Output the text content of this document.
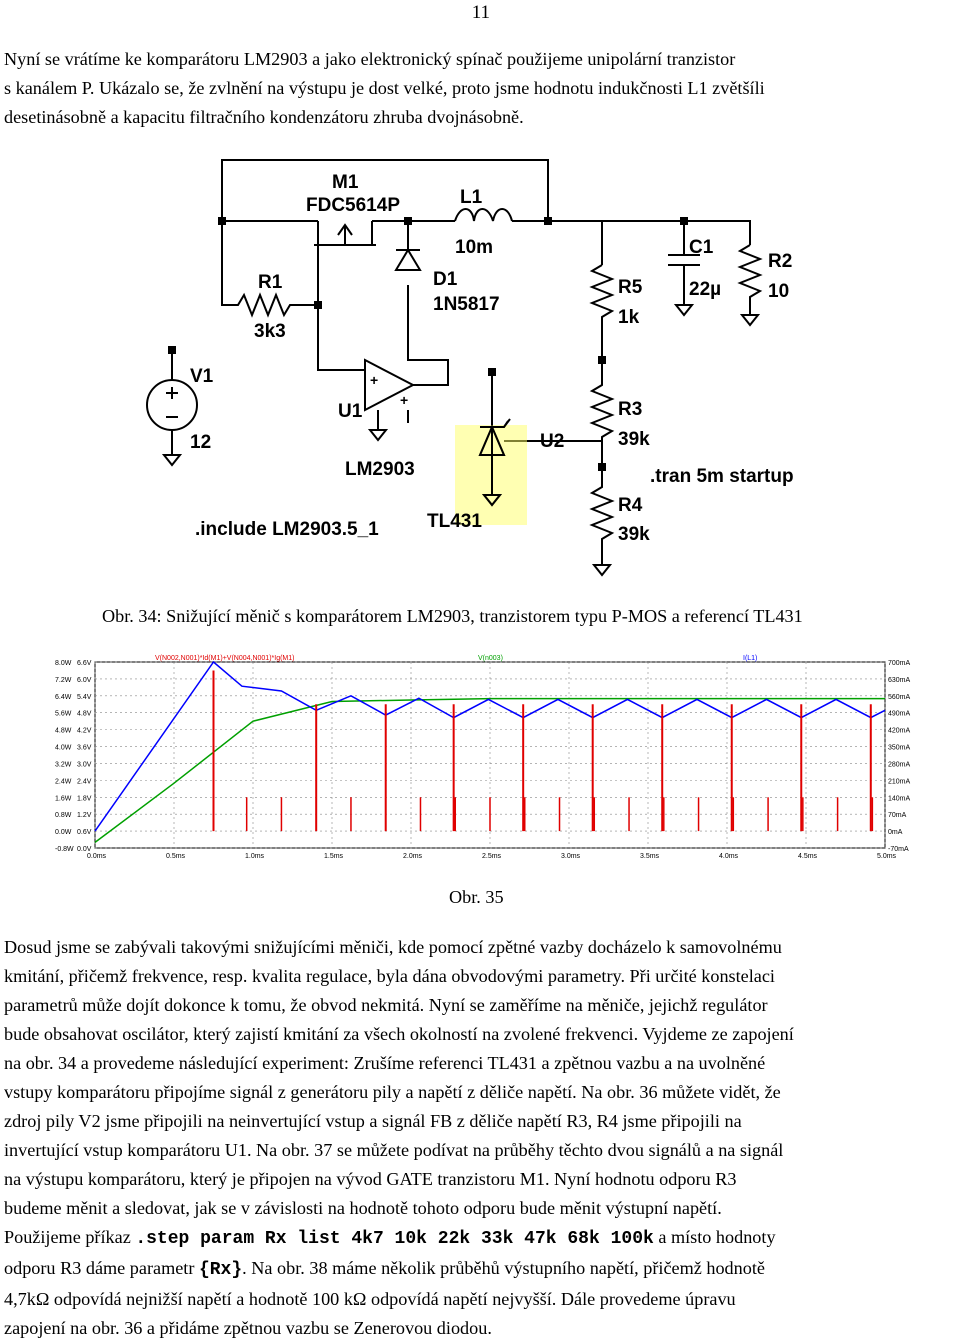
11
Nyní se vrátíme ke komparátoru LM2903 a jako elektronický spínač použijeme unipolární tranzistor
s kanálem P. Ukázalo se, že zvlnění na výstupu je dost velké, proto jsme hodnotu indukčnosti L1 zvětšíli
desetinásobně a kapacitu filtračního kondenzátoru zhruba dvojnásobně.
+
+
M1
FDC5614P	L1
10m
D1
1N5817
C1
22µ
R2
10
R1
3k3
R5
1k
V1
12
U1
LM2903
U2
TL431
R3
39k
R4
39k
.tran 5m startup
.include LM2903.5_1
Obr. 34: Snižující měnič s komparátorem LM2903, tranzistorem typu P-MOS a referencí TL431
8.0W 6.6V	700mA
7.2W 6.0V	630mA
6.4W 5.4V	560mA
5.6W 4.8V	490mA
4.8W 4.2V	420mA
4.0W 3.6V	350mA
3.2W 3.0V	280mA
2.4W 2.4V	210mA
1.6W 1.8V	140mA
0.8W 1.2V	70mA
0.0W 0.6V	0mA
-0.8W 0.0V	-70mA
0.0ms	0.5ms	1.0ms	1.5ms	2.0ms	2.5ms	3.0ms	3.5ms	4.0ms	4.5ms	5.0ms
V(N002,N001)*Id(M1)+V(N004,N001)*Ig(M1)	V(n003)	I(L1)
Obr. 35
Dosud jsme se zabývali takovými snižujícími měniči, kde pomocí zpětné vazby docházelo k samovolnému
kmitání, přičemž frekvence, resp. kvalita regulace, byla dána obvodovými parametry. Při určité konstelaci
parametrů může dojít dokonce k tomu, že obvod nekmitá. Nyní se zaměříme na měniče, jejichž regulátor
bude obsahovat oscilátor, který zajistí kmitání za všech okolností na zvolené frekvenci. Vyjdeme ze zapojení
na obr. 34 a provedeme následující experiment: Zrušíme referenci TL431 a zpětnou vazbu a na uvolněné
vstupy komparátoru připojíme signál z generátoru pily a napětí z děliče napětí. Na obr. 36 můžete vidět, že
zdroj pily V2 jsme připojili na neinvertující vstup a signál FB z děliče napětí R3, R4 jsme připojili na
invertující vstup komparátoru U1. Na obr. 37 se můžete podívat na průběhy těchto dvou signálů a na signál
na výstupu komparátoru, který je připojen na vývod GATE tranzistoru M1. Nyní hodnotu odporu R3
budeme měnit a sledovat, jak se v závislosti na hodnotě tohoto odporu bude měnit výstupní napětí.
Použijeme příkaz .step param Rx list 4k7 10k 22k 33k 47k 68k 100k a místo hodnoty
odporu R3 dáme parametr {Rx}. Na obr. 38 máme několik průběhů výstupního napětí, přičemž hodnotě
4,7kΩ odpovídá nejnižší napětí a hodnotě 100 kΩ odpovídá napětí nejvyšší. Dále provedeme úpravu
zapojení na obr. 36 a přidáme zpětnou vazbu se Zenerovou diodou.
